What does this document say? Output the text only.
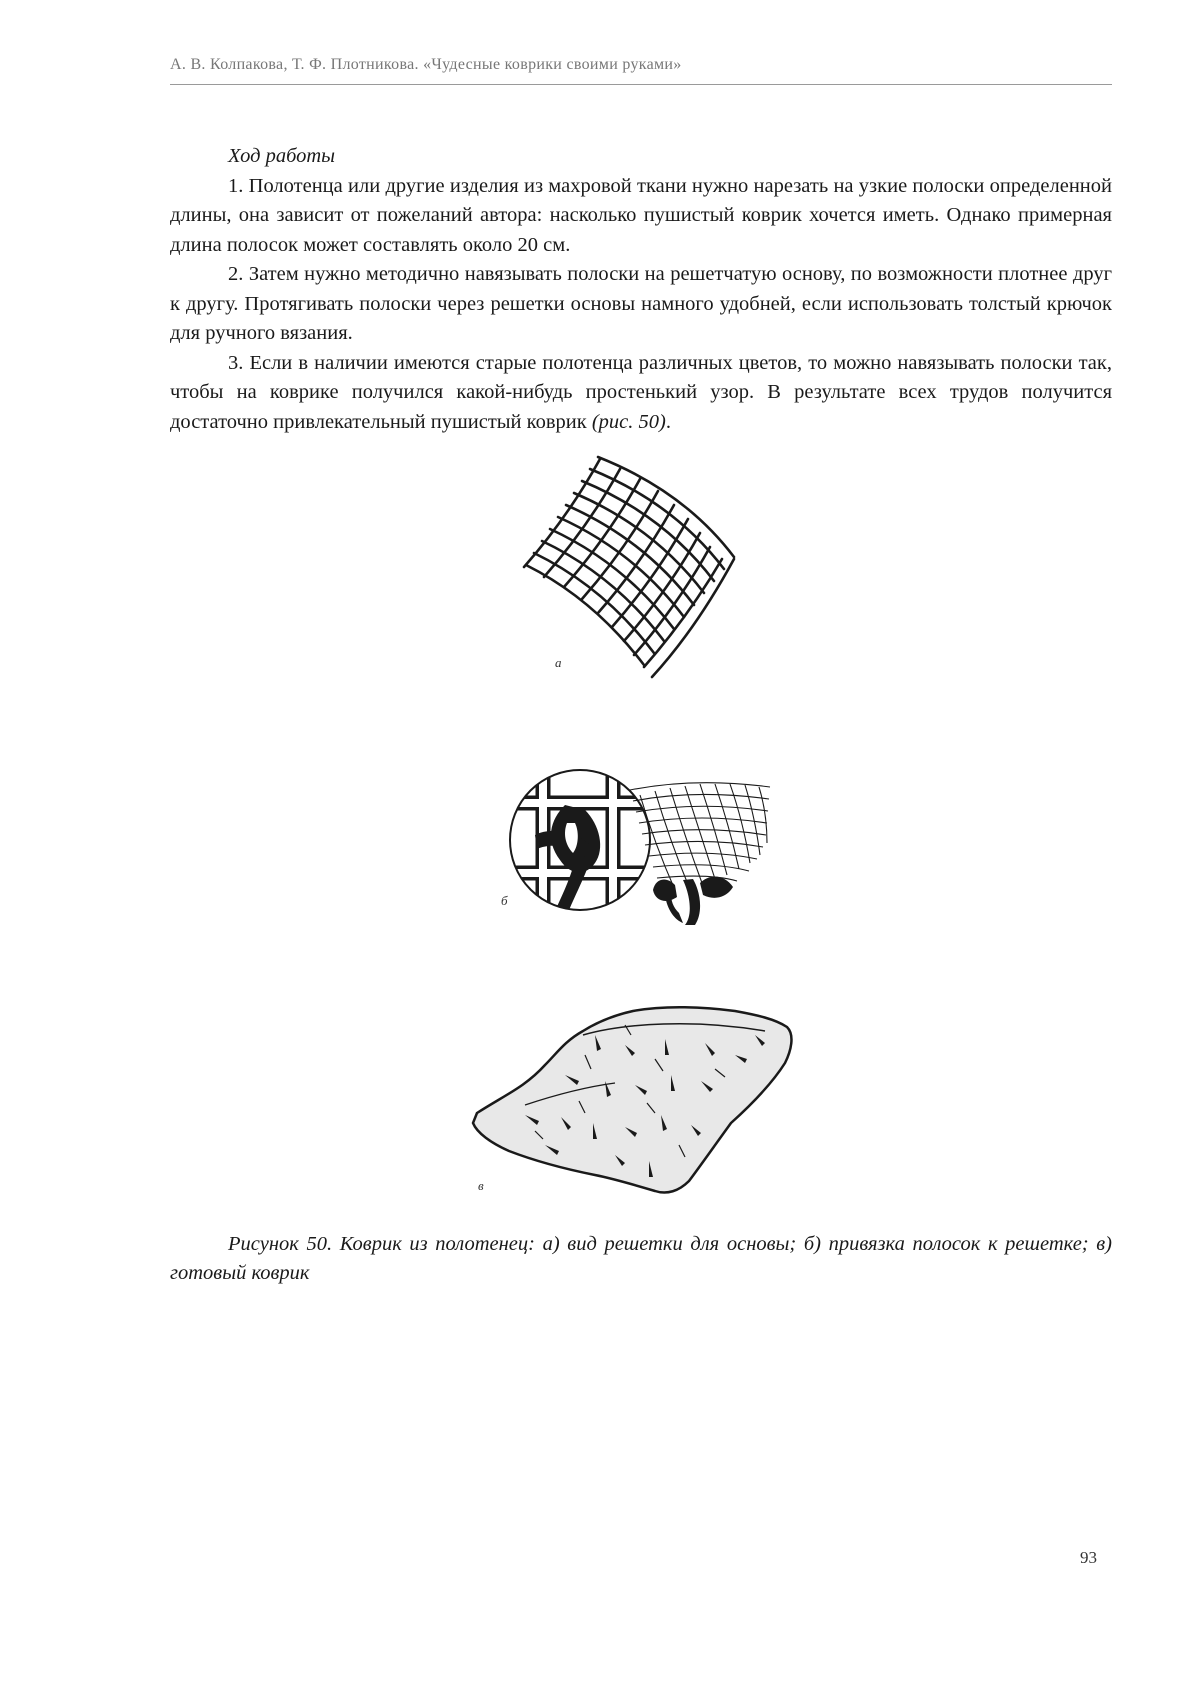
А. В. Колпакова, Т. Ф. Плотникова. «Чудесные коврики своими руками»

Ход работы

1. Полотенца или другие изделия из махровой ткани нужно нарезать на узкие полоски определенной длины, она зависит от пожеланий автора: насколько пушистый коврик хочется иметь. Однако примерная длина полосок может составлять около 20 см.

2. Затем нужно методично навязывать полоски на решетчатую основу, по возможности плотнее друг к другу. Протягивать полоски через решетки основы намного удобней, если использовать толстый крючок для ручного вязания.

3. Если в наличии имеются старые полотенца различных цветов, то можно навязывать полоски так, чтобы на коврике получился какой-нибудь простенький узор. В результате всех трудов получится достаточно привлекательный пушистый коврик (рис. 50).

а
б
в
Рисунок 50. Коврик из полотенец: а) вид решетки для основы; б) привязка полосок к решетке; в) готовый коврик
93
